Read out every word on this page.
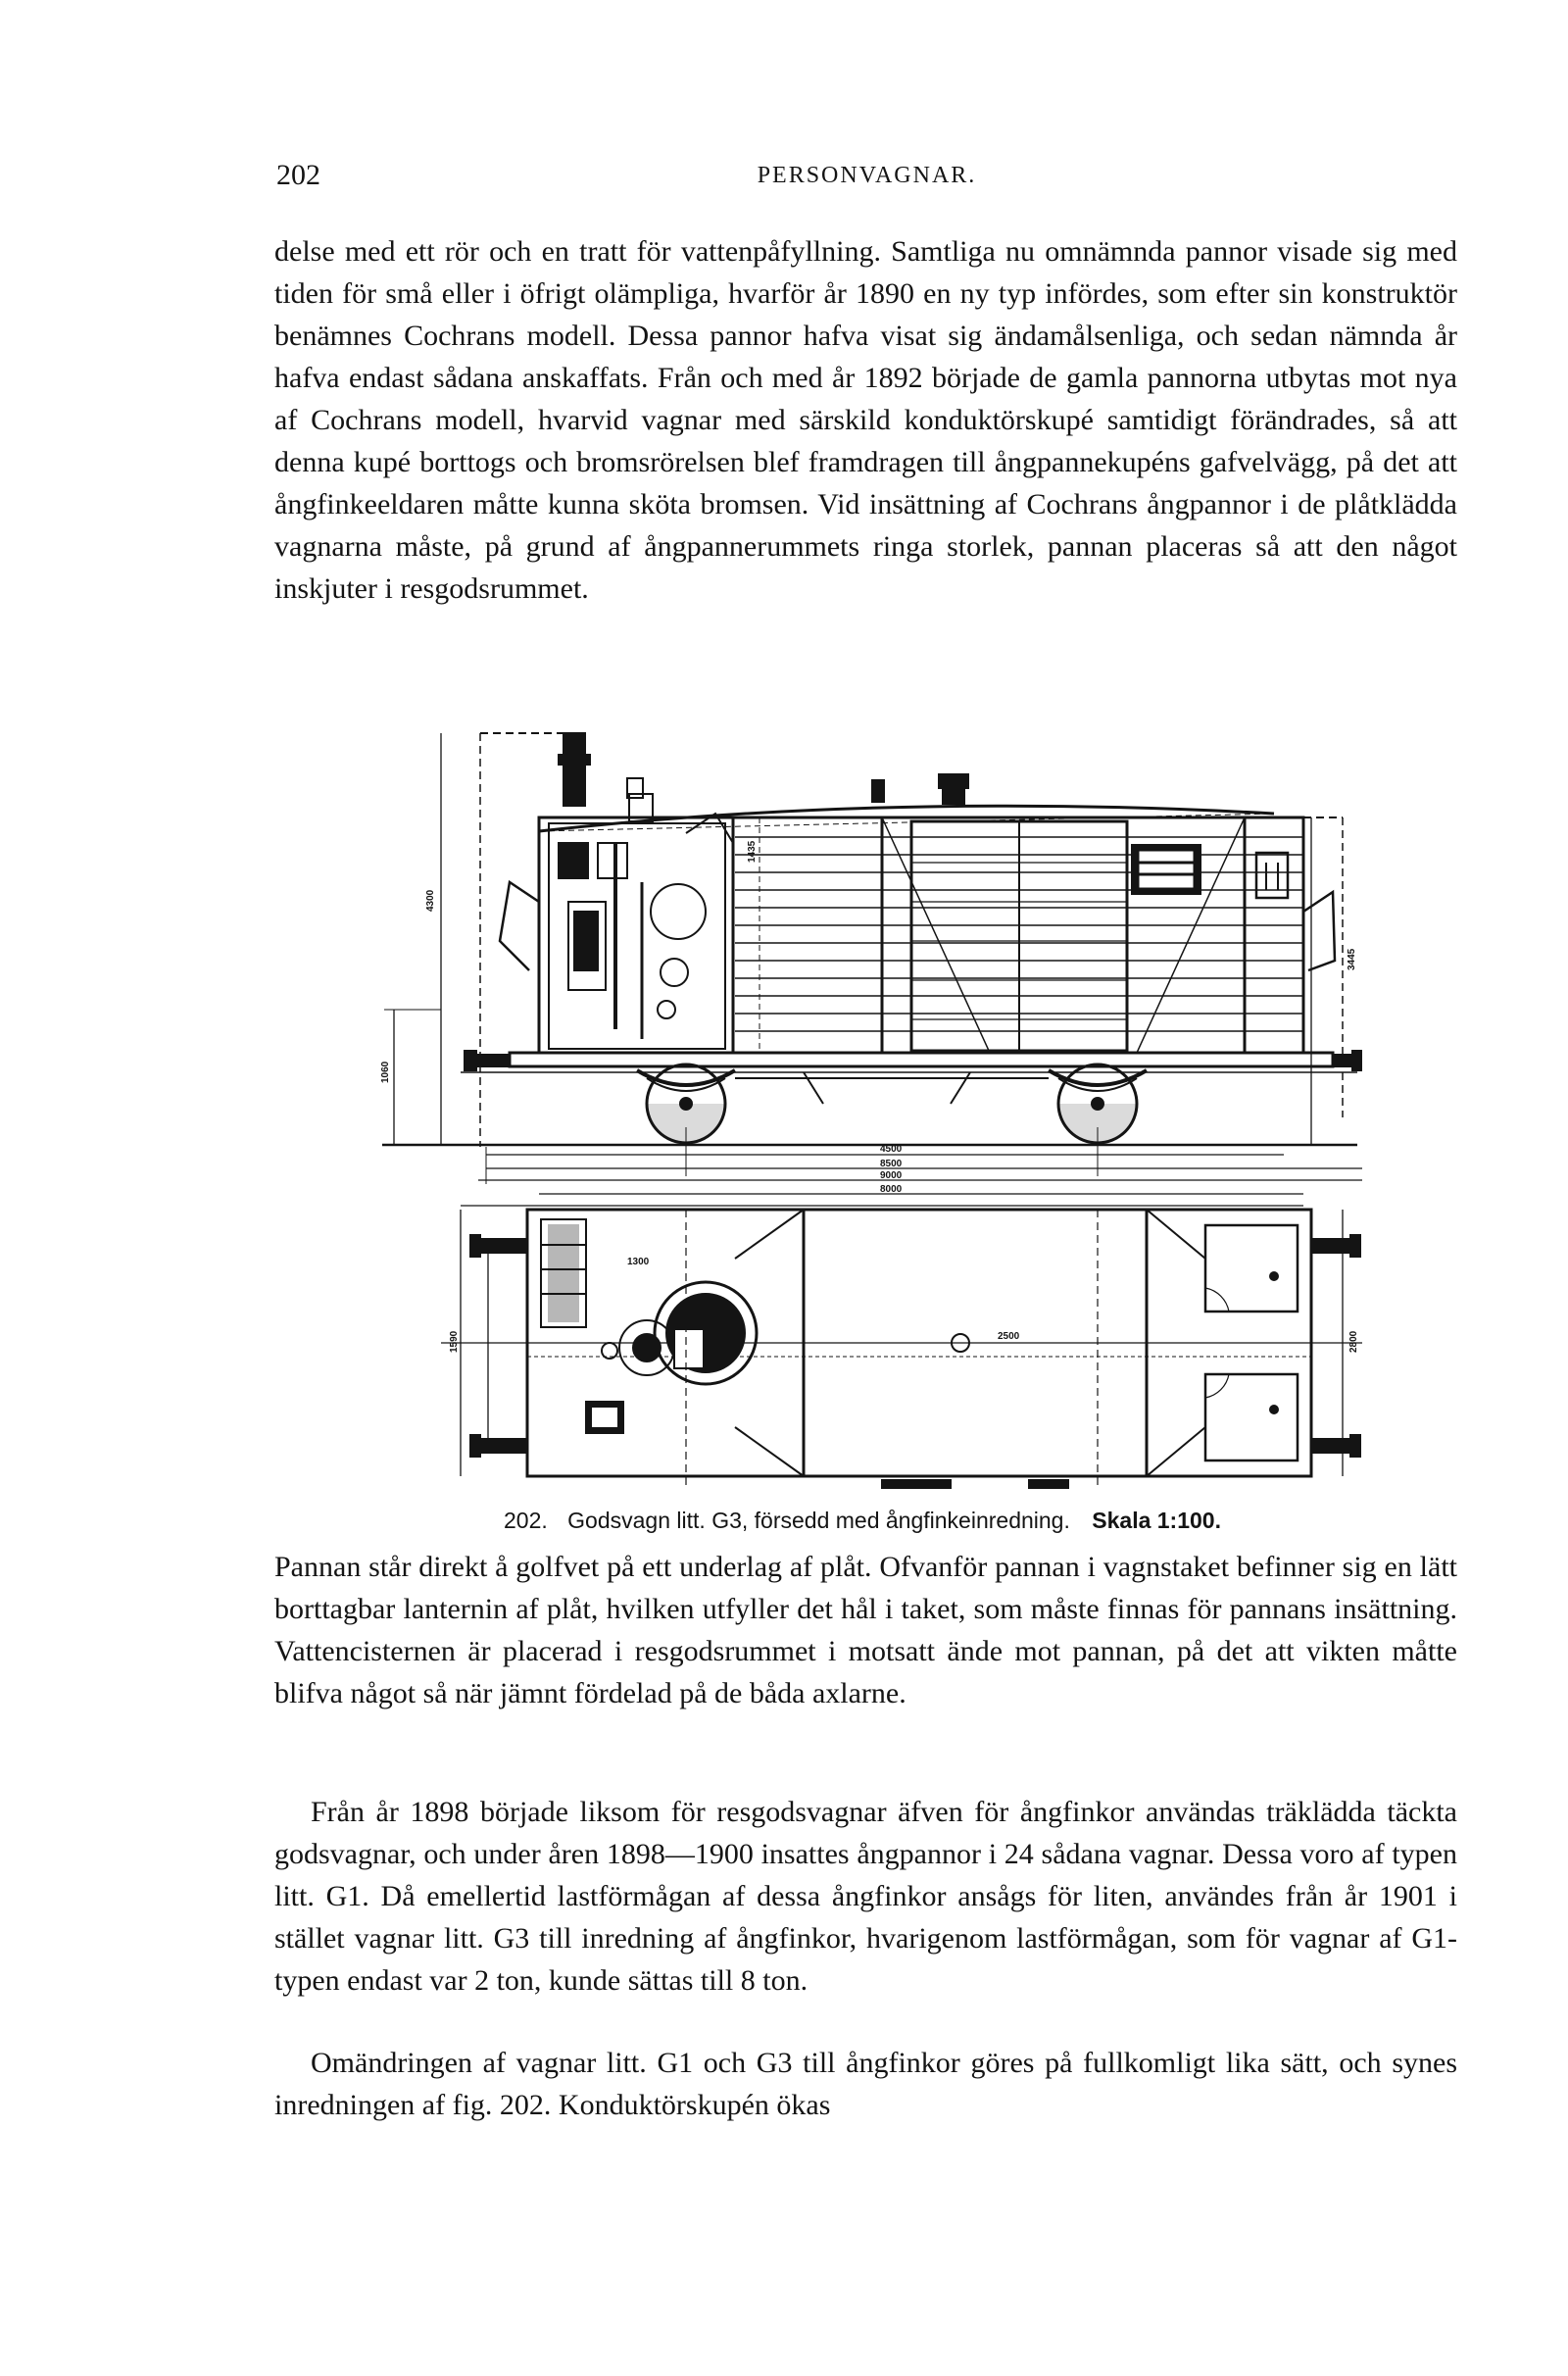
202	PERSONVAGNAR.

delse med ett rör och en tratt för vattenpåfyllning. Samtliga nu omnämnda pannor visade sig med tiden för små eller i öfrigt olämpliga, hvarför år 1890 en ny typ infördes, som efter sin konstruktör benämnes Cochrans modell. Dessa pannor hafva visat sig ändamålsenliga, och sedan nämnda år hafva endast sådana anskaffats. Från och med år 1892 började de gamla pannorna utbytas mot nya af Cochrans modell, hvarvid vagnar med särskild konduktörskupé samtidigt förändrades, så att denna kupé borttogs och bromsrörelsen blef framdragen till ångpannekupéns gafvelvägg, på det att ångfinkeeldaren måtte kunna sköta bromsen. Vid insättning af Cochrans ångpannor i de plåtklädda vagnarna måste, på grund af ångpannerummets ringa storlek, pannan placeras så att den något inskjuter i resgodsrummet.

4300
1060
3445
1435
4500
8500
9000
8000
1300
2500
1590	2800
202. Godsvagn litt. G3, försedd med ångfinkeinredning. Skala 1:100.

Pannan står direkt å golfvet på ett underlag af plåt. Ofvanför pannan i vagnstaket befinner sig en lätt borttagbar lanternin af plåt, hvilken utfyller det hål i taket, som måste finnas för pannans insättning. Vattencisternen är placerad i resgodsrummet i motsatt ände mot pannan, på det att vikten måtte blifva något så när jämnt fördelad på de båda axlarne.

Från år 1898 började liksom för resgodsvagnar äfven för ångfinkor användas träklädda täckta godsvagnar, och under åren 1898—1900 insattes ångpannor i 24 sådana vagnar. Dessa voro af typen litt. G1. Då emellertid lastförmågan af dessa ångfinkor ansågs för liten, användes från år 1901 i stället vagnar litt. G3 till inredning af ångfinkor, hvarigenom lastförmågan, som för vagnar af G1-typen endast var 2 ton, kunde sättas till 8 ton.

Omändringen af vagnar litt. G1 och G3 till ångfinkor göres på fullkomligt lika sätt, och synes inredningen af fig. 202. Konduktörskupén ökas
